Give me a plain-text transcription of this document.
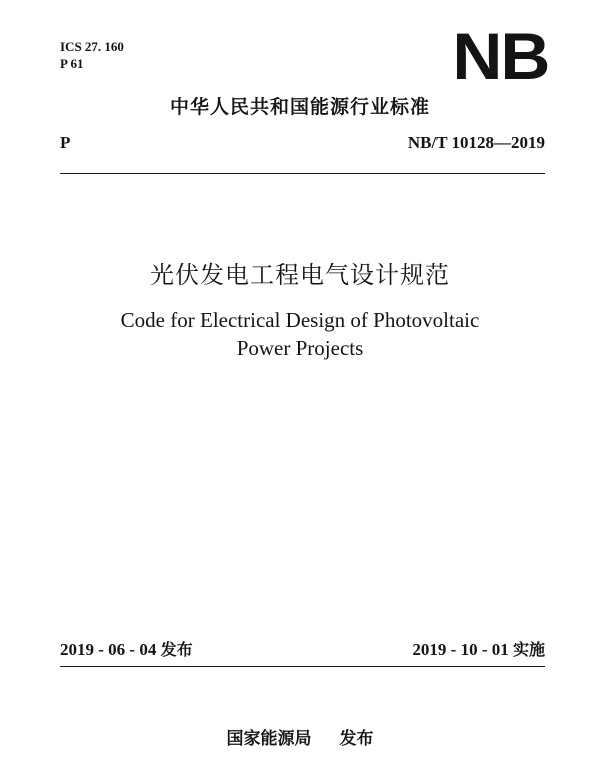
ICS 27. 160
P 61	NB
中华人民共和国能源行业标准
P	NB/T 10128—2019
光伏发电工程电气设计规范
Code for Electrical Design of Photovoltaic
Power Projects
2019 - 06 - 04 发布	2019 - 10 - 01 实施
国家能源局 发布
